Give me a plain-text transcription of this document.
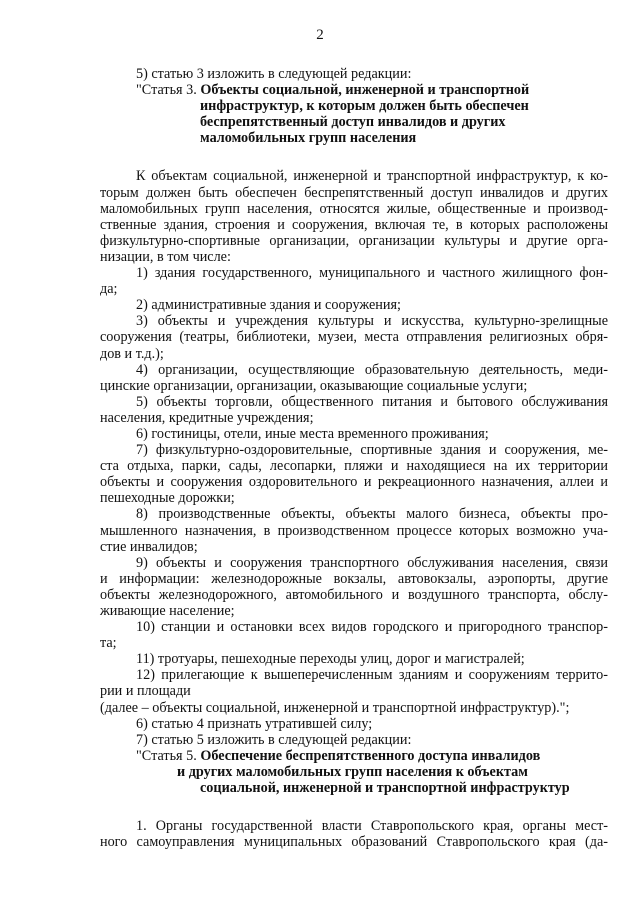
2
5) статью 3 изложить в следующей редакции:
"Статья 3. Объекты социальной, инженерной и транспортной
инфраструктур, к которым должен быть обеспечен
беспрепятственный доступ инвалидов и других
маломобильных групп населения
К объектам социальной, инженерной и транспортной инфраструктур, к ко-
торым должен быть обеспечен беспрепятственный доступ инвалидов и других
маломобильных групп населения, относятся жилые, общественные и производ-
ственные здания, строения и сооружения, включая те, в которых расположены
физкультурно-спортивные организации, организации культуры и другие орга-
низации, в том числе:
1) здания государственного, муниципального и частного жилищного фон-
да;
2) административные здания и сооружения;
3) объекты и учреждения культуры и искусства, культурно-зрелищные
сооружения (театры, библиотеки, музеи, места отправления религиозных обря-
дов и т.д.);
4) организации, осуществляющие образовательную деятельность, меди-
цинские организации, организации, оказывающие социальные услуги;
5) объекты торговли, общественного питания и бытового обслуживания
населения, кредитные учреждения;
6) гостиницы, отели, иные места временного проживания;
7) физкультурно-оздоровительные, спортивные здания и сооружения, ме-
ста отдыха, парки, сады, лесопарки, пляжи и находящиеся на их территории
объекты и сооружения оздоровительного и рекреационного назначения, аллеи и
пешеходные дорожки;
8) производственные объекты, объекты малого бизнеса, объекты про-
мышленного назначения, в производственном процессе которых возможно уча-
стие инвалидов;
9) объекты и сооружения транспортного обслуживания населения, связи
и информации: железнодорожные вокзалы, автовокзалы, аэропорты, другие
объекты железнодорожного, автомобильного и воздушного транспорта, обслу-
живающие население;
10) станции и остановки всех видов городского и пригородного транспор-
та;
11) тротуары, пешеходные переходы улиц, дорог и магистралей;
12) прилегающие к вышеперечисленным зданиям и сооружениям террито-
рии и площади
(далее – объекты социальной, инженерной и транспортной инфраструктур).";
6) статью 4 признать утратившей силу;
7) статью 5 изложить в следующей редакции:
"Статья 5. Обеспечение беспрепятственного доступа инвалидов
и других маломобильных групп населения к объектам
социальной, инженерной и транспортной инфраструктур
1. Органы государственной власти Ставропольского края, органы мест-
ного самоуправления муниципальных образований Ставропольского края (да-
